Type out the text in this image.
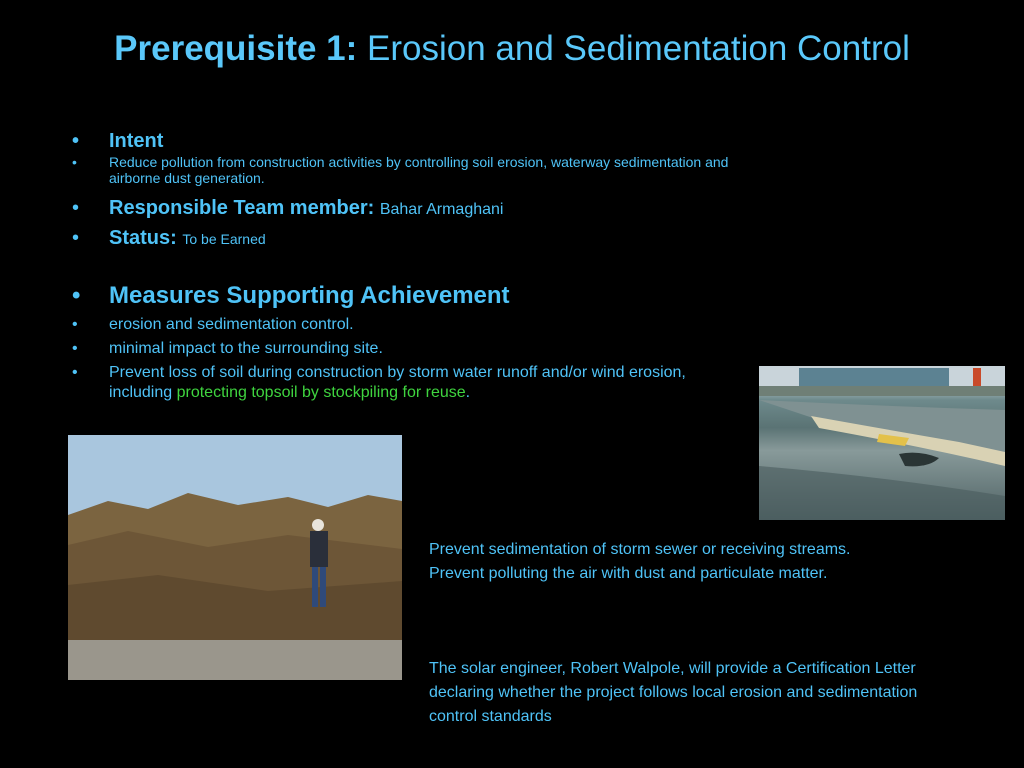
Prerequisite 1: Erosion and Sedimentation Control
• Intent
• Reduce pollution from construction activities by controlling soil erosion, waterway sedimentation and airborne dust generation.
• Responsible Team member: Bahar Armaghani
• Status: To be Earned
• Measures Supporting Achievement
• erosion and sedimentation control.
• minimal impact to the surrounding site.
• Prevent loss of soil during construction by storm water runoff and/or wind erosion, including protecting topsoil by stockpiling for reuse.
Prevent sedimentation of storm sewer or receiving streams.
Prevent polluting the air with dust and particulate matter.
The solar engineer, Robert Walpole, will provide a Certification Letter
declaring whether the project follows local erosion and sedimentation
control standards
